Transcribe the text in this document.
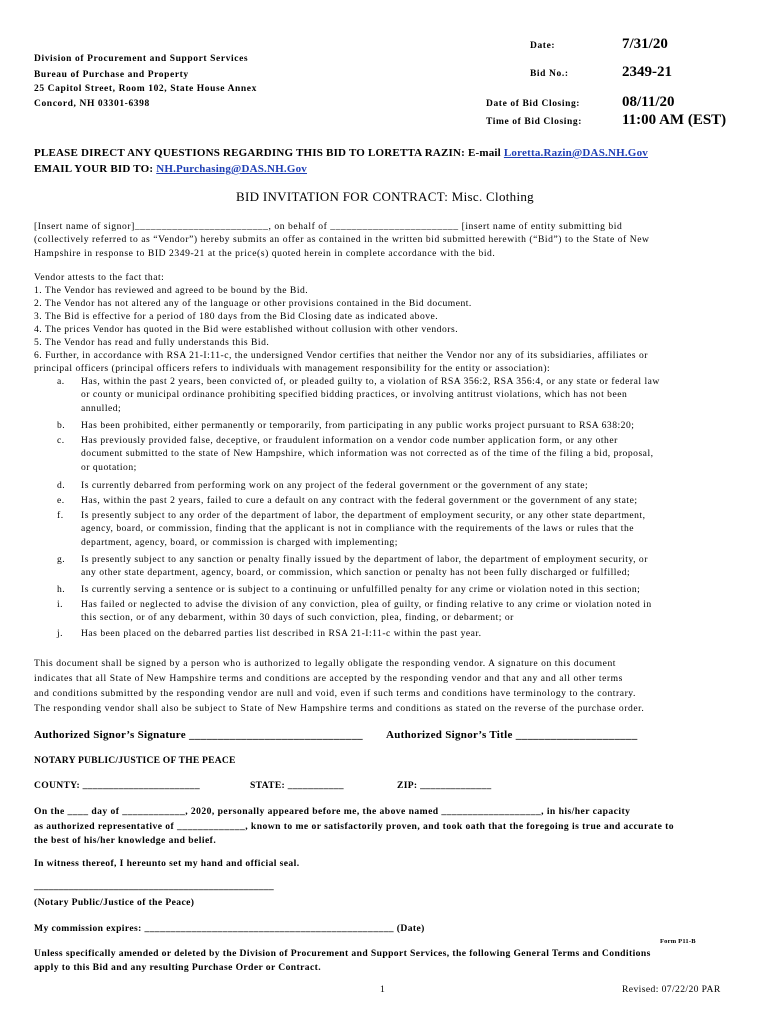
Division of Procurement and Support Services
Bureau of Purchase and Property
25 Capitol Street, Room 102, State House Annex
Concord, NH 03301-6398
Date:	7/31/20
Bid No.:	2349-21
Date of Bid Closing:	08/11/20
Time of Bid Closing:	11:00 AM (EST)
PLEASE DIRECT ANY QUESTIONS REGARDING THIS BID TO LORETTA RAZIN: E-mail Loretta.Razin@DAS.NH.Gov
EMAIL YOUR BID TO: NH.Purchasing@DAS.NH.Gov
BID INVITATION FOR CONTRACT: Misc. Clothing
[Insert name of signor]_________________________, on behalf of ________________________ [insert name of entity submitting bid
(collectively referred to as “Vendor”) hereby submits an offer as contained in the written bid submitted herewith (“Bid”) to the State of New
Hampshire in response to BID 2349-21 at the price(s) quoted herein in complete accordance with the bid.
Vendor attests to the fact that:
1. The Vendor has reviewed and agreed to be bound by the Bid.
2. The Vendor has not altered any of the language or other provisions contained in the Bid document.
3. The Bid is effective for a period of 180 days from the Bid Closing date as indicated above.
4. The prices Vendor has quoted in the Bid were established without collusion with other vendors.
5. The Vendor has read and fully understands this Bid.
6. Further, in accordance with RSA 21-I:11-c, the undersigned Vendor certifies that neither the Vendor nor any of its subsidiaries, affiliates or
principal officers (principal officers refers to individuals with management responsibility for the entity or association):
a. Has, within the past 2 years, been convicted of, or pleaded guilty to, a violation of RSA 356:2, RSA 356:4, or any state or federal law
or county or municipal ordinance prohibiting specified bidding practices, or involving antitrust violations, which has not been
annulled;
b. Has been prohibited, either permanently or temporarily, from participating in any public works project pursuant to RSA 638:20;
c. Has previously provided false, deceptive, or fraudulent information on a vendor code number application form, or any other
document submitted to the state of New Hampshire, which information was not corrected as of the time of the filing a bid, proposal,
or quotation;
d. Is currently debarred from performing work on any project of the federal government or the government of any state;
e. Has, within the past 2 years, failed to cure a default on any contract with the federal government or the government of any state;
f. Is presently subject to any order of the department of labor, the department of employment security, or any other state department,
agency, board, or commission, finding that the applicant is not in compliance with the requirements of the laws or rules that the
department, agency, board, or commission is charged with implementing;
g. Is presently subject to any sanction or penalty finally issued by the department of labor, the department of employment security, or
any other state department, agency, board, or commission, which sanction or penalty has not been fully discharged or fulfilled;
h. Is currently serving a sentence or is subject to a continuing or unfulfilled penalty for any crime or violation noted in this section;
i. Has failed or neglected to advise the division of any conviction, plea of guilty, or finding relative to any crime or violation noted in
this section, or of any debarment, within 30 days of such conviction, plea, finding, or debarment; or
j. Has been placed on the debarred parties list described in RSA 21-I:11-c within the past year.
This document shall be signed by a person who is authorized to legally obligate the responding vendor. A signature on this document
indicates that all State of New Hampshire terms and conditions are accepted by the responding vendor and that any and all other terms
and conditions submitted by the responding vendor are null and void, even if such terms and conditions have terminology to the contrary.
The responding vendor shall also be subject to State of New Hampshire terms and conditions as stated on the reverse of the purchase order.
Authorized Signor’s Signature ______________________________ Authorized Signor’s Title _____________________
NOTARY PUBLIC/JUSTICE OF THE PEACE
COUNTY: _______________________	STATE: ___________	ZIP: ______________
On the ____ day of ____________, 2020, personally appeared before me, the above named ___________________, in his/her capacity
as authorized representative of _____________, known to me or satisfactorily proven, and took oath that the foregoing is true and accurate to
the best of his/her knowledge and belief.
In witness thereof, I hereunto set my hand and official seal.
________________________________________________
(Notary Public/Justice of the Peace)
My commission expires: ________________________________________________ (Date)
Form P11-B
Unless specifically amended or deleted by the Division of Procurement and Support Services, the following General Terms and Conditions
apply to this Bid and any resulting Purchase Order or Contract.
1	Revised: 07/22/20 PAR
